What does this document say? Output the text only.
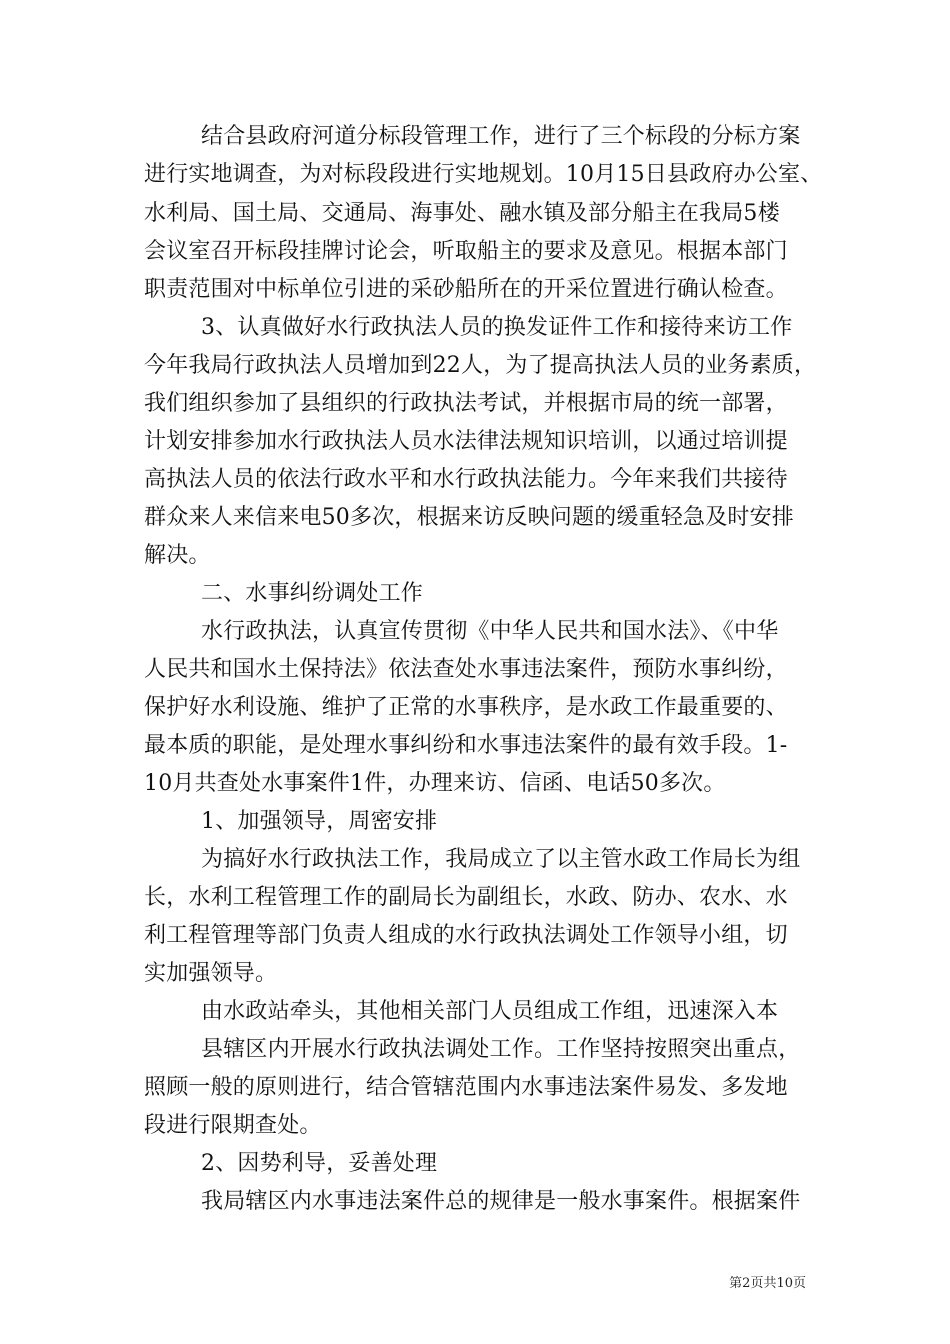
结合县政府河道分标段管理工作，进行了三个标段的分标方案
进行实地调查，为对标段段进行实地规划。10月15日县政府办公室、
水利局、国土局、交通局、海事处、融水镇及部分船主在我局5楼
会议室召开标段挂牌讨论会，听取船主的要求及意见。根据本部门
职责范围对中标单位引进的采砂船所在的开采位置进行确认检查。
3、认真做好水行政执法人员的换发证件工作和接待来访工作
今年我局行政执法人员增加到22人，为了提高执法人员的业务素质，
我们组织参加了县组织的行政执法考试，并根据市局的统一部署，
计划安排参加水行政执法人员水法律法规知识培训，以通过培训提
高执法人员的依法行政水平和水行政执法能力。今年来我们共接待
群众来人来信来电50多次，根据来访反映问题的缓重轻急及时安排
解决。
二、水事纠纷调处工作
水行政执法，认真宣传贯彻《中华人民共和国水法》、《中华
人民共和国水土保持法》依法查处水事违法案件，预防水事纠纷，
保护好水利设施、维护了正常的水事秩序，是水政工作最重要的、
最本质的职能，是处理水事纠纷和水事违法案件的最有效手段。1-
10月共查处水事案件1件，办理来访、信函、电话50多次。
1、加强领导，周密安排
为搞好水行政执法工作，我局成立了以主管水政工作局长为组
长，水利工程管理工作的副局长为副组长，水政、防办、农水、水
利工程管理等部门负责人组成的水行政执法调处工作领导小组，切
实加强领导。
由水政站牵头，其他相关部门人员组成工作组，迅速深入本
县辖区内开展水行政执法调处工作。工作坚持按照突出重点，
照顾一般的原则进行，结合管辖范围内水事违法案件易发、多发地
段进行限期查处。
2、因势利导，妥善处理
我局辖区内水事违法案件总的规律是一般水事案件。根据案件
第2页共10页
